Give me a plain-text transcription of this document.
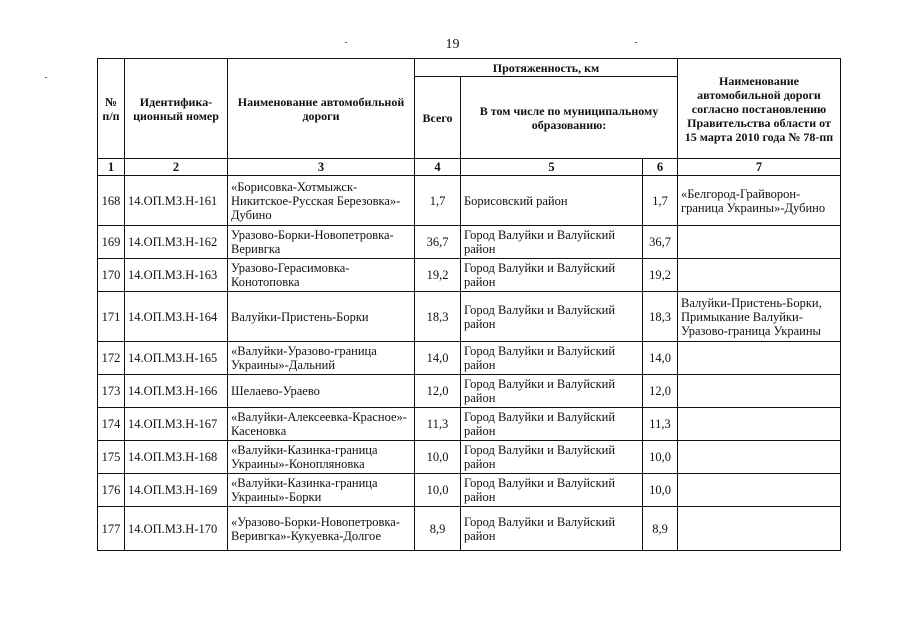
19
№ п/п	Идентифика-ционный номер	Наименование автомобильной дороги	Протяженность, км			Наименование автомобильной дороги согласно постановлению Правительства области от 15 марта 2010 года № 78-пп
			Всего	В том числе по муниципальному образованию:		
1	2	3	4	5	6	7
168	14.ОП.МЗ.Н-161	«Борисовка-Хотмыжск-Никитское-Русская Березовка»-Дубино	1,7	Борисовский район	1,7	«Белгород-Грайворон-граница Украины»-Дубино
169	14.ОП.МЗ.Н-162	Уразово-Борки-Новопетровка-Веривгка	36,7	Город Валуйки и Валуйский район	36,7	
170	14.ОП.МЗ.Н-163	Уразово-Герасимовка-Конотоповка	19,2	Город Валуйки и Валуйский район	19,2	
171	14.ОП.МЗ.Н-164	Валуйки-Пристень-Борки	18,3	Город Валуйки и Валуйский район	18,3	Валуйки-Пристень-Борки, Примыкание Валуйки-Уразово-граница Украины
172	14.ОП.МЗ.Н-165	«Валуйки-Уразово-граница Украины»-Дальний	14,0	Город Валуйки и Валуйский район	14,0	
173	14.ОП.МЗ.Н-166	Шелаево-Ураево	12,0	Город Валуйки и Валуйский район	12,0	
174	14.ОП.МЗ.Н-167	«Валуйки-Алексеевка-Красное»-Касеновка	11,3	Город Валуйки и Валуйский район	11,3	
175	14.ОП.МЗ.Н-168	«Валуйки-Казинка-граница Украины»-Коноплянoвка	10,0	Город Валуйки и Валуйский район	10,0	
176	14.ОП.МЗ.Н-169	«Валуйки-Казинка-граница Украины»-Борки	10,0	Город Валуйки и Валуйский район	10,0	
177	14.ОП.МЗ.Н-170	«Уразово-Борки-Новопетровка-Веривгка»-Кукуевка-Долгое	8,9	Город Валуйки и Валуйский район	8,9	
